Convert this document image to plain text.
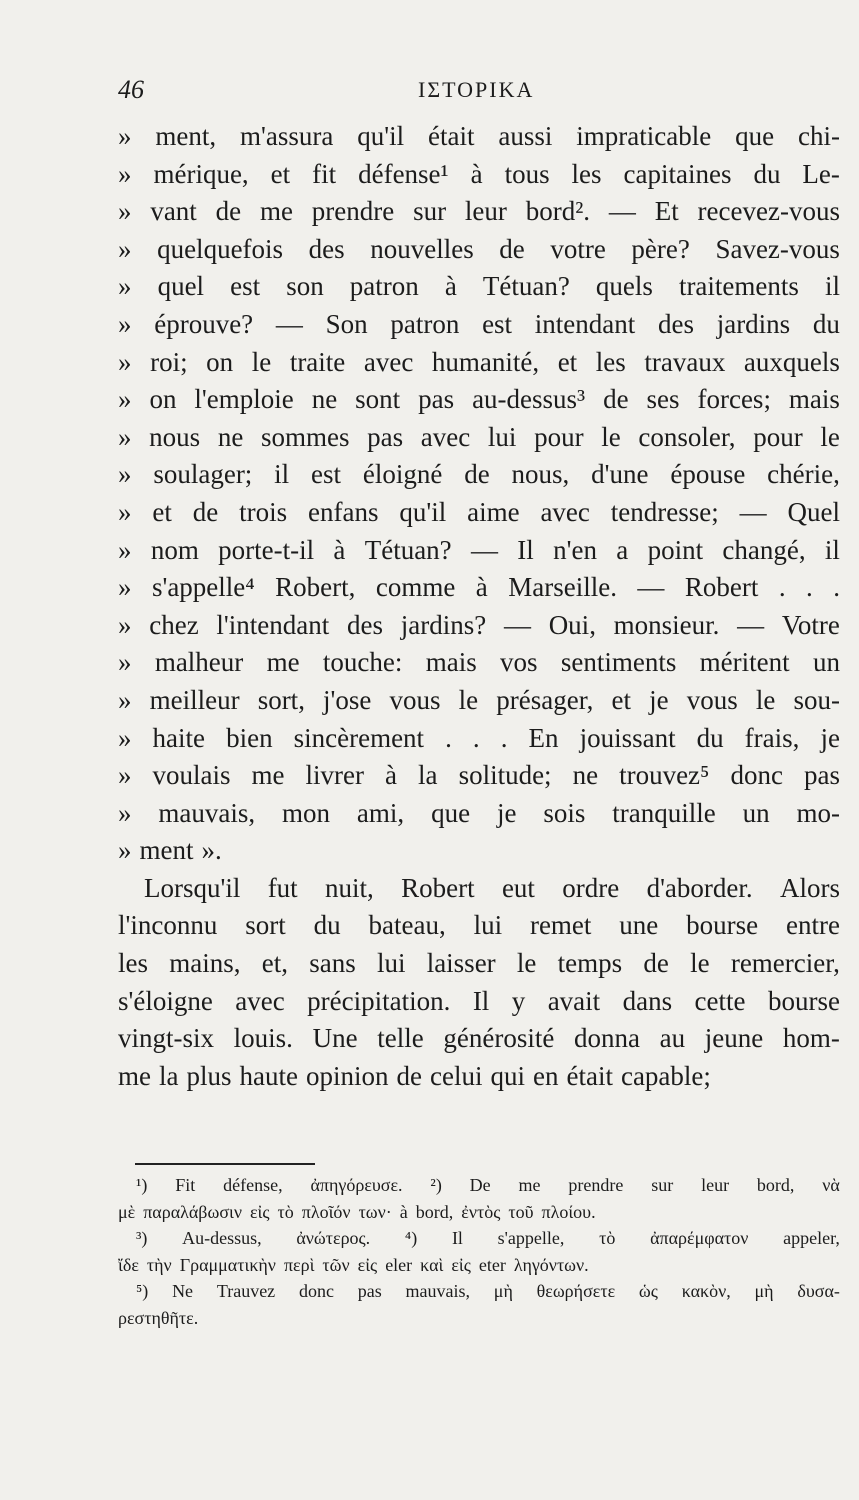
46	ΙΣΤΟΡΙΚΑ
» ment, m'assura qu'il était aussi impraticable que chi-
» mérique, et fit défense¹ à tous les capitaines du Le-
» vant de me prendre sur leur bord². — Et recevez-vous
» quelquefois des nouvelles de votre père? Savez-vous
» quel est son patron à Tétuan? quels traitements il
» éprouve? — Son patron est intendant des jardins du
» roi; on le traite avec humanité, et les travaux auxquels
» on l'emploie ne sont pas au-dessus³ de ses forces; mais
» nous ne sommes pas avec lui pour le consoler, pour le
» soulager; il est éloigné de nous, d'une épouse chérie,
» et de trois enfans qu'il aime avec tendresse; — Quel
» nom porte-t-il à Tétuan? — Il n'en a point changé, il
» s'appelle⁴ Robert, comme à Marseille. — Robert . . .
» chez l'intendant des jardins? — Oui, monsieur. — Votre
» malheur me touche: mais vos sentiments méritent un
» meilleur sort, j'ose vous le présager, et je vous le sou-
» haite bien sincèrement . . . En jouissant du frais, je
» voulais me livrer à la solitude; ne trouvez⁵ donc pas
» mauvais, mon ami, que je sois tranquille un mo-
» ment ».
Lorsqu'il fut nuit, Robert eut ordre d'aborder. Alors
l'inconnu sort du bateau, lui remet une bourse entre
les mains, et, sans lui laisser le temps de le remercier,
s'éloigne avec précipitation. Il y avait dans cette bourse
vingt-six louis. Une telle générosité donna au jeune hom-
me la plus haute opinion de celui qui en était capable;
¹) Fit défense, ἀπηγόρευσε. ²) De me prendre sur leur bord, νὰ
μὲ παραλάβωσιν εἰς τὸ πλοῖόν των· à bord, ἐντὸς τοῦ πλοίου.
³) Au-dessus, ἀνώτερος. ⁴) Il s'appelle, τὸ ἀπαρέμφατον appeler,
ἴδε τὴν Γραμματικὴν περὶ τῶν εἰς eler καὶ εἰς eter ληγόντων.
⁵) Ne Trauvez donc pas mauvais, μὴ θεωρήσετε ὡς κακὸν, μὴ δυσα-
ρεστηθῆτε.
